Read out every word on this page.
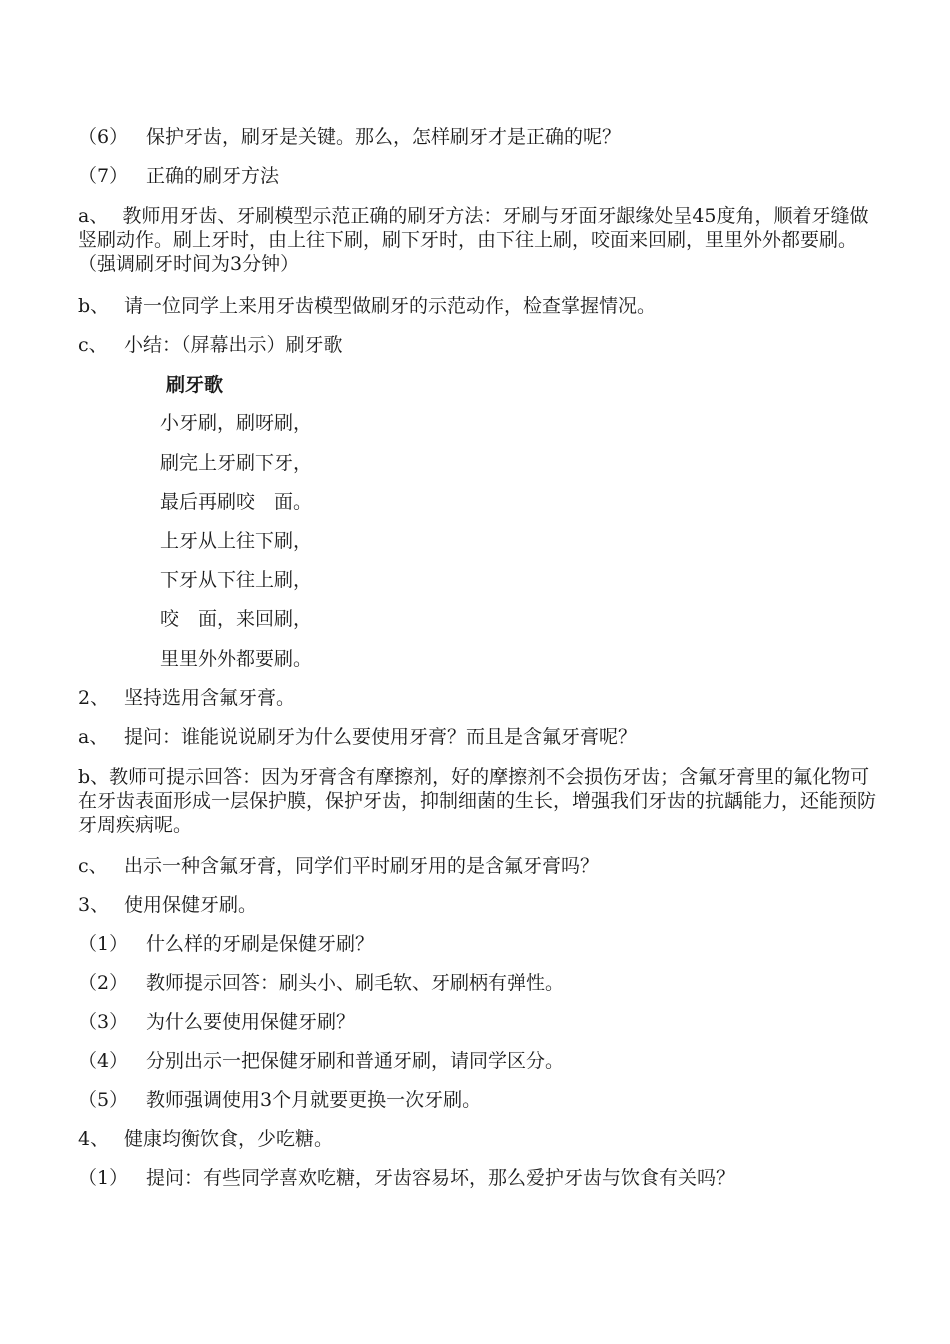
（6） 保护牙齿，刷牙是关键。那么，怎样刷牙才是正确的呢？
（7） 正确的刷牙方法
a、 教师用牙齿、牙刷模型示范正确的刷牙方法：牙刷与牙面牙龈缘处呈45度角，顺着牙缝做竖刷动作。刷上牙时，由上往下刷，刷下牙时，由下往上刷，咬面来回刷，里里外外都要刷。（强调刷牙时间为3分钟）
b、 请一位同学上来用牙齿模型做刷牙的示范动作，检查掌握情况。
c、 小结：（屏幕出示）刷牙歌
刷牙歌
小牙刷，刷呀刷，
刷完上牙刷下牙，
最后再刷咬　面。
上牙从上往下刷，
下牙从下往上刷，
咬　面，来回刷，
里里外外都要刷。
2、 坚持选用含氟牙膏。
a、 提问：谁能说说刷牙为什么要使用牙膏？而且是含氟牙膏呢？
b、教师可提示回答：因为牙膏含有摩擦剂，好的摩擦剂不会损伤牙齿；含氟牙膏里的氟化物可在牙齿表面形成一层保护膜，保护牙齿，抑制细菌的生长，增强我们牙齿的抗龋能力，还能预防牙周疾病呢。
c、 出示一种含氟牙膏，同学们平时刷牙用的是含氟牙膏吗？
3、 使用保健牙刷。
（1） 什么样的牙刷是保健牙刷？
（2） 教师提示回答：刷头小、刷毛软、牙刷柄有弹性。
（3） 为什么要使用保健牙刷？
（4） 分别出示一把保健牙刷和普通牙刷，请同学区分。
（5） 教师强调使用3个月就要更换一次牙刷。
4、 健康均衡饮食，少吃糖。
（1） 提问：有些同学喜欢吃糖，牙齿容易坏，那么爱护牙齿与饮食有关吗？
